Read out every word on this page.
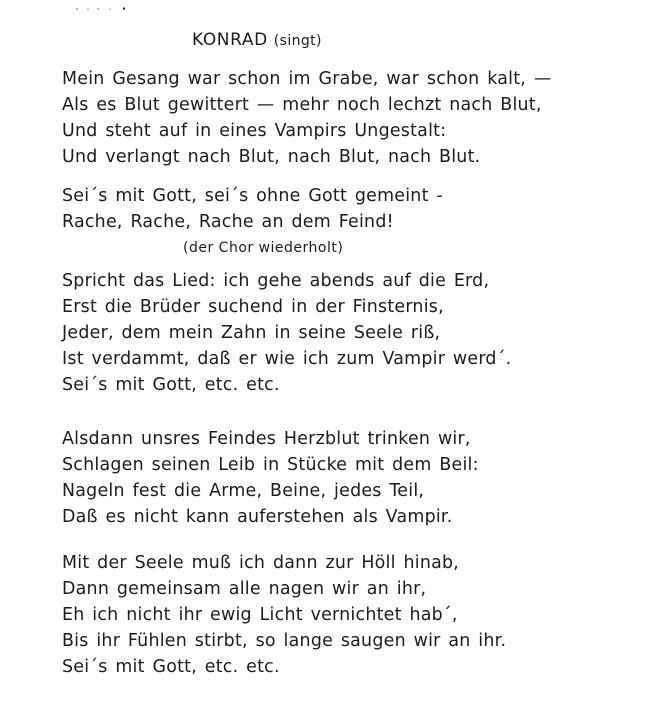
KONRAD (singt)
Mein Gesang war schon im Grabe, war schon kalt, —
Als es Blut gewittert — mehr noch lechzt nach Blut,
Und steht auf in eines Vampirs Ungestalt:
Und verlangt nach Blut, nach Blut, nach Blut.
Sei´s mit Gott, sei´s ohne Gott gemeint -
Rache, Rache, Rache an dem Feind!
(der Chor wiederholt)
Spricht das Lied: ich gehe abends auf die Erd,
Erst die Brüder suchend in der Finsternis,
Jeder, dem mein Zahn in seine Seele riß,
Ist verdammt, daß er wie ich zum Vampir werd´.
Sei´s mit Gott, etc. etc.
Alsdann unsres Feindes Herzblut trinken wir,
Schlagen seinen Leib in Stücke mit dem Beil:
Nageln fest die Arme, Beine, jedes Teil,
Daß es nicht kann auferstehen als Vampir.
Mit der Seele muß ich dann zur Höll hinab,
Dann gemeinsam alle nagen wir an ihr,
Eh ich nicht ihr ewig Licht vernichtet hab´,
Bis ihr Fühlen stirbt, so lange saugen wir an ihr.
Sei´s mit Gott, etc. etc.
